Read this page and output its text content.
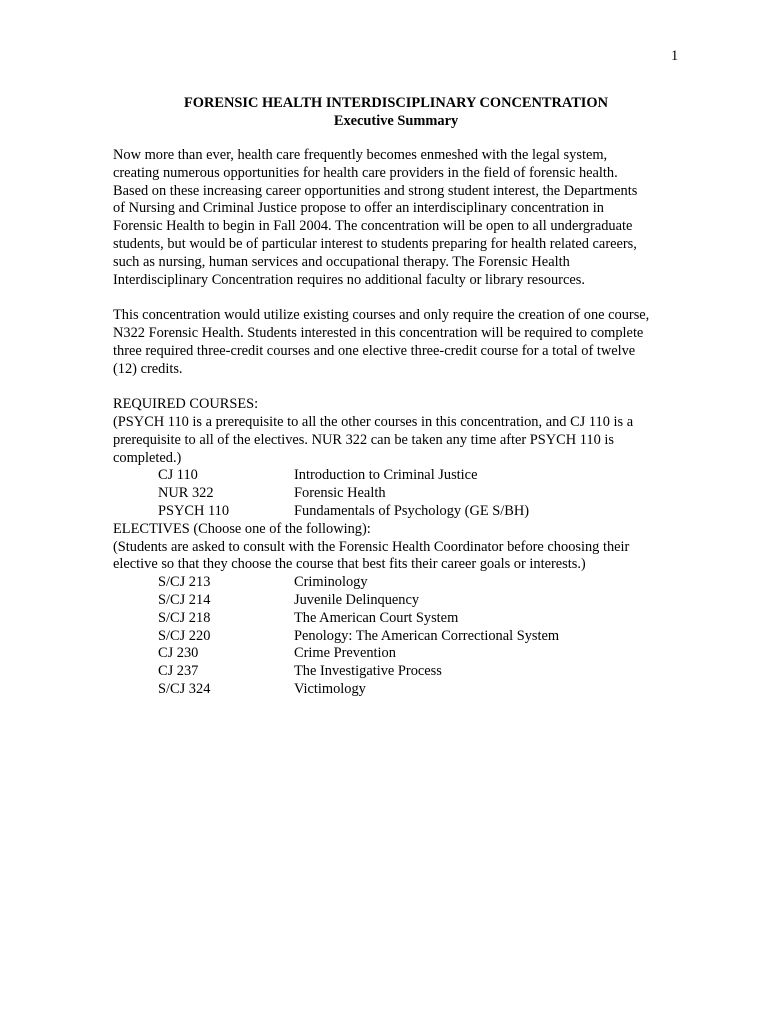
1
FORENSIC HEALTH INTERDISCIPLINARY CONCENTRATION
Executive Summary

Now more than ever, health care frequently becomes enmeshed with the legal system,
creating numerous opportunities for health care providers in the field of forensic health.
Based on these increasing career opportunities and strong student interest, the Departments
of Nursing and Criminal Justice propose to offer an interdisciplinary concentration in
Forensic Health to begin in Fall 2004. The concentration will be open to all undergraduate
students, but would be of particular interest to students preparing for health related careers,
such as nursing, human services and occupational therapy. The Forensic Health
Interdisciplinary Concentration requires no additional faculty or library resources.

This concentration would utilize existing courses and only require the creation of one course,
N322 Forensic Health. Students interested in this concentration will be required to complete
three required three-credit courses and one elective three-credit course for a total of twelve
(12) credits.

REQUIRED COURSES:
(PSYCH 110 is a prerequisite to all the other courses in this concentration, and CJ 110 is a
prerequisite to all of the electives. NUR 322 can be taken any time after PSYCH 110 is
completed.)
CJ 110	Introduction to Criminal Justice
NUR 322	Forensic Health
PSYCH 110	Fundamentals of Psychology (GE S/BH)
ELECTIVES (Choose one of the following):
(Students are asked to consult with the Forensic Health Coordinator before choosing their
elective so that they choose the course that best fits their career goals or interests.)
S/CJ 213	Criminology
S/CJ 214	Juvenile Delinquency
S/CJ 218	The American Court System
S/CJ 220	Penology: The American Correctional System
CJ 230	Crime Prevention
CJ 237	The Investigative Process
S/CJ 324	Victimology
